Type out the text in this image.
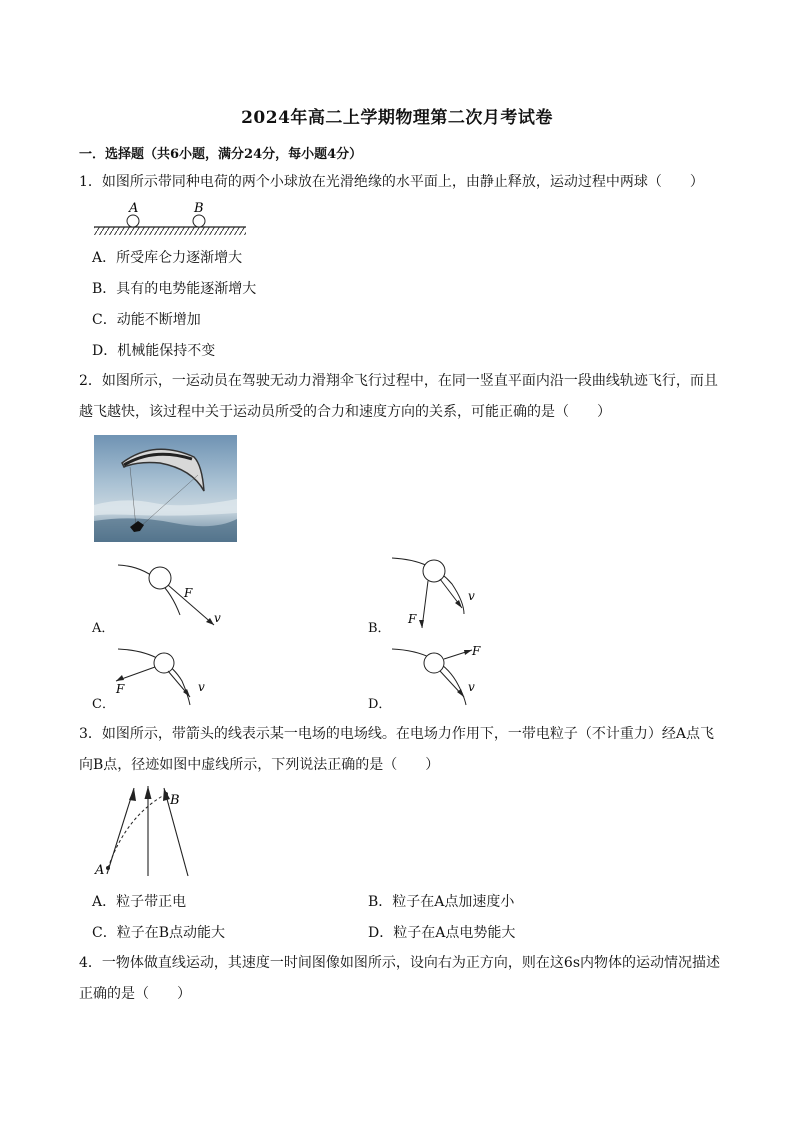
2024年高二上学期物理第二次月考试卷
一．选择题（共6小题，满分24分，每小题4分）
1．如图所示带同种电荷的两个小球放在光滑绝缘的水平面上，由静止释放，运动过程中两球（　　）
A	B
A．所受库仑力逐渐增大
B．具有的电势能逐渐增大
C．动能不断增加
D．机械能保持不变
2．如图所示，一运动员在驾驶无动力滑翔伞飞行过程中，在同一竖直平面内沿一段曲线轨迹飞行，而且
越飞越快，该过程中关于运动员所受的合力和速度方向的关系，可能正确的是（　　）
A．
F
v
B．
F
v
C．
F	v
D．
F
v
3．如图所示，带箭头的线表示某一电场的电场线。在电场力作用下，一带电粒子（不计重力）经A点飞
向B点，径迹如图中虚线所示，下列说法正确的是（　　）
A
B
A．粒子带正电	B．粒子在A点加速度小
C．粒子在B点动能大	D．粒子在A点电势能大
4．一物体做直线运动，其速度一时间图像如图所示，设向右为正方向，则在这6s内物体的运动情况描述
正确的是（　　）
